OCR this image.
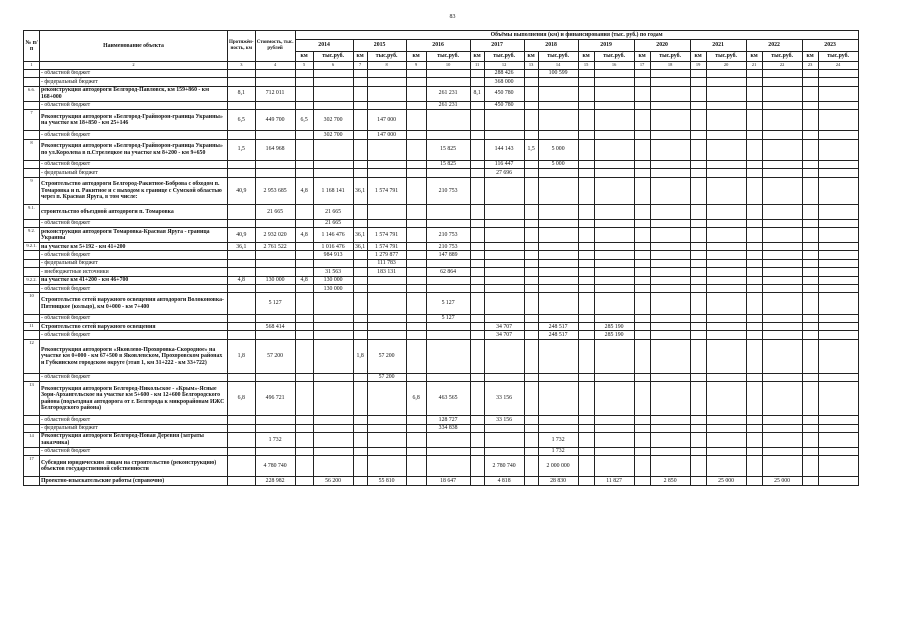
83
№ п/п	Наименование объекта	Протяжён-ность, км	Стоимость, тыс. рублей	Объёмы выполнения (км) и финансирования (тыс. руб.) по годам																			
				2014		2015		2016		2017		2018		2019		2020		2021		2022		2023	
				км	тыс.руб.	км	тыс.руб.	км	тыс.руб.	км	тыс.руб.	км	тыс.руб.	км	тыс.руб.	км	тыс.руб.	км	тыс.руб.	км	тыс.руб.	км	тыс.руб.
1	2	3	4	5	6	7	8	9	10	11	12	13	14	15	16	17	18	19	20	21	22	23	24
	- областной бюджет										288 426		100 599										
	- федеральный бюджет										368 000												
6.6.	реконструкция автодороги Белгород-Павловск, км 159+860 - км 168+000	8,1	712 011						261 231	8,1	450 780												
	- областной бюджет								261 231		450 780												
7	Реконструкция автодороги «Белгород-Грайворон-граница Украины» на участке км 18+850 - км 25+146	6,5	449 700	6,5	302 700		147 000																
	- областной бюджет				302 700		147 000																
8	Реконструкция автодороги «Белгород-Грайворон-граница Украины» по ул.Королева в п.Стрелецкое на участке км 8+200 - км 9+650	1,5	164 968						15 825		144 143	1,5	5 000										
	- областной бюджет								15 825		116 447		5 000										
	- федеральный бюджет										27 696												
9	Строительство автодороги Белгород-Ракитное-Боброва с обходом п. Томаровка и п. Ракитное и с выходом к границе с Сумской областью через п. Красная Яруга, в том числе:	40,9	2 953 685	4,8	1 168 141	36,1	1 574 791		210 753														
9.1.	строительство объездной автодороги п. Томаровка		21 665		21 665																		
	- областной бюджет				21 665																		
9.2.	реконструкция автодороги Томаровка-Красная Яруга - граница Украины	40,9	2 932 020	4,8	1 146 476	36,1	1 574 791		210 753														
9.2.1.	на участке км 5+192 - км 41+200	36,1	2 761 522		1 016 476	36,1	1 574 791		210 753														
	- областной бюджет				984 913		1 279 877		147 889														
	- федеральный бюджет						111 783																
	- внебюджетные источники				31 563		183 131		62 864														
9.2.2.	на участке км 41+200 - км 46+700	4,8	130 000	4,8	130 000																		
	- областной бюджет				130 000																		
10	Строительство сетей наружного освещения автодороги Волоконовка-Пятницкое (кольцо), км 0+000 - км 7+400		5 127						5 127														
	- областной бюджет								5 127														
11	Строительство сетей наружного освещения		568 414								34 707		248 517		285 190								
	- областной бюджет										34 707		248 517		285 190								
12	Реконструкция автодороги «Яковлево-Прохоровка-Скородное» на участке км 0+000 - км 67+500 в Яковлевском, Прохоровском районах и Губкинском городском округе (этап 1, км 31+222 - км 33+722)	1,8	57 200			1,8	57 200																
	- областной бюджет						57 200																
13	Реконструкция автодороги Белгород-Никольское - «Крым»-Ясные Зори-Архангельское на участке км 5+600 - км 12+600 Белгородского района (подъездная автодорога от г. Белгорода к микрорайонам ИЖС Белгородского района)	6,8	496 721					6,8	463 565		33 156												
	- областной бюджет								128 727		33 156												
	- федеральный бюджет								334 838														
14	Реконструкция автодороги Белгород-Новая Деревня (затраты заказчика)		1 732										1 732										
	- областной бюджет												1 732										
17	Субсидии юридическим лицам на строительство (реконструкцию) объектов государственной собственности		4 780 740								2 780 740		2 000 000										
	Проектно-изыскательские работы (справочно)		228 982		56 200		55 810		18 647		4 818		28 830		11 827		2 850		25 000		25 000		
